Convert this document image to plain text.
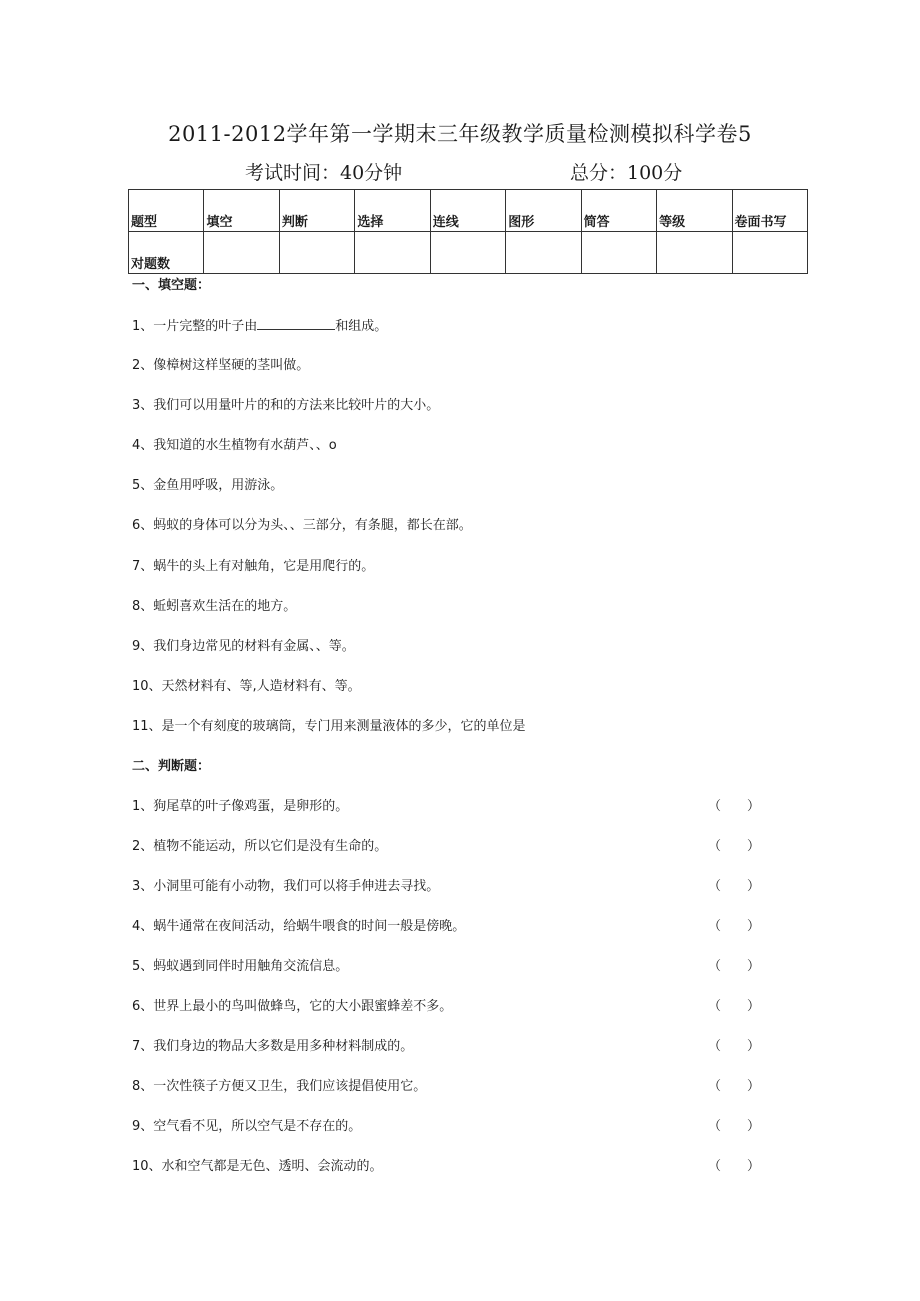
2011-2012学年第一学期末三年级教学质量检测模拟科学卷5
考试时间：40分钟	总分：100分
题型	填空	判断	选择	连线	图形	简答	等级	卷面书写
对题数								
一、填空题：
1、一片完整的叶子由	和组成。
2、像樟树这样坚硬的茎叫做。
3、我们可以用量叶片的和的方法来比较叶片的大小。
4、我知道的水生植物有水葫芦、、o
5、金鱼用呼吸，用游泳。
6、蚂蚁的身体可以分为头、、三部分，有条腿，都长在部。
7、蜗牛的头上有对触角，它是用爬行的。
8、蚯蚓喜欢生活在的地方。
9、我们身边常见的材料有金属、、等。
10、天然材料有、等,人造材料有、等。
11、是一个有刻度的玻璃筒，专门用来测量液体的多少，它的单位是
二、判断题：
1、狗尾草的叶子像鸡蛋，是卵形的。	（　　）
2、植物不能运动，所以它们是没有生命的。	（　　）
3、小洞里可能有小动物，我们可以将手伸进去寻找。	（　　）
4、蜗牛通常在夜间活动，给蜗牛喂食的时间一般是傍晚。	（　　）
5、蚂蚁遇到同伴时用触角交流信息。	（　　）
6、世界上最小的鸟叫做蜂鸟，它的大小跟蜜蜂差不多。	（　　）
7、我们身边的物品大多数是用多种材料制成的。	（　　）
8、一次性筷子方便又卫生，我们应该提倡使用它。	（　　）
9、空气看不见，所以空气是不存在的。	（　　）
10、水和空气都是无色、透明、会流动的。	（　　）
